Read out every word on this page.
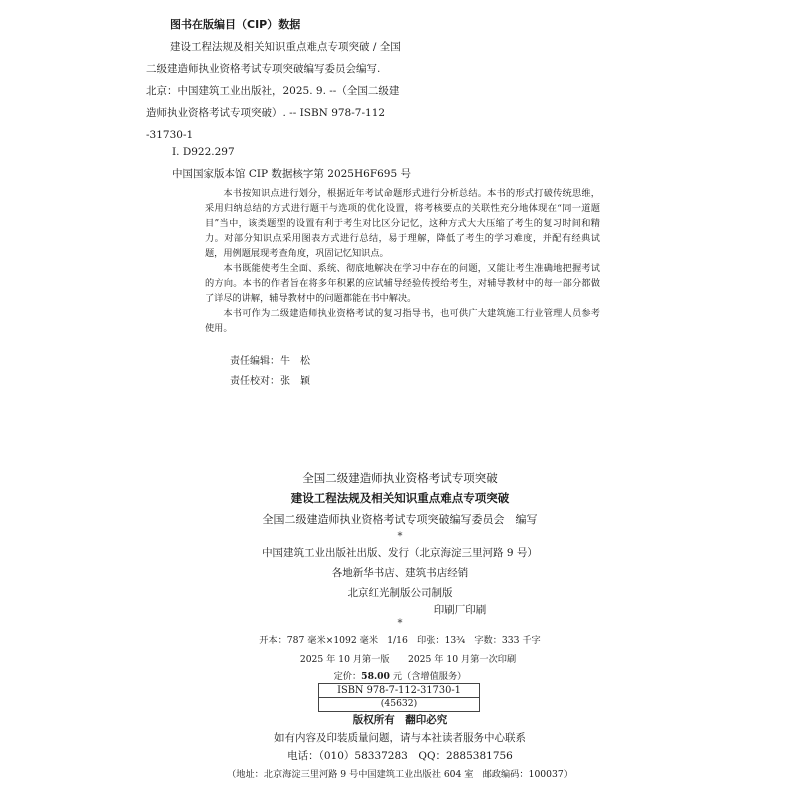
图书在版编目（CIP）数据
建设工程法规及相关知识重点难点专项突破 / 全国
二级建造师执业资格考试专项突破编写委员会编写.
北京：中国建筑工业出版社，2025. 9. --（全国二级建
造师执业资格考试专项突破）. -- ISBN 978-7-112
-31730-1
Ⅰ. D922.297
中国国家版本馆 CIP 数据核字第 2025H6F695 号

本书按知识点进行划分，根据近年考试命题形式进行分析总结。本书的形式打破传统思维，采用归纳总结的方式进行题干与选项的优化设置，将考核要点的关联性充分地体现在“同一道题目”当中，该类题型的设置有利于考生对比区分记忆，这种方式大大压缩了考生的复习时间和精力。对部分知识点采用图表方式进行总结，易于理解，降低了考生的学习难度，并配有经典试题，用例题展现考查角度，巩固记忆知识点。

本书既能使考生全面、系统、彻底地解决在学习中存在的问题，又能让考生准确地把握考试的方向。本书的作者旨在将多年积累的应试辅导经验传授给考生，对辅导教材中的每一部分都做了详尽的讲解，辅导教材中的问题都能在书中解决。

本书可作为二级建造师执业资格考试的复习指导书，也可供广大建筑施工行业管理人员参考使用。

责任编辑：牛　松
责任校对：张　颖
全国二级建造师执业资格考试专项突破
建设工程法规及相关知识重点难点专项突破
全国二级建造师执业资格考试专项突破编写委员会　编写
*
中国建筑工业出版社出版、发行（北京海淀三里河路 9 号）
各地新华书店、建筑书店经销
北京红光制版公司制版
印刷厂印刷
*
开本：787 毫米×1092 毫米　1/16　印张：13¾　字数：333 千字
2025 年 10 月第一版　　2025 年 10 月第一次印刷
定价：58.00 元（含增值服务）
ISBN 978-7-112-31730-1
(45632)
版权所有　翻印必究
如有内容及印装质量问题，请与本社读者服务中心联系
电话：（010）58337283　QQ：2885381756
（地址：北京海淀三里河路 9 号中国建筑工业出版社 604 室　邮政编码：100037）
